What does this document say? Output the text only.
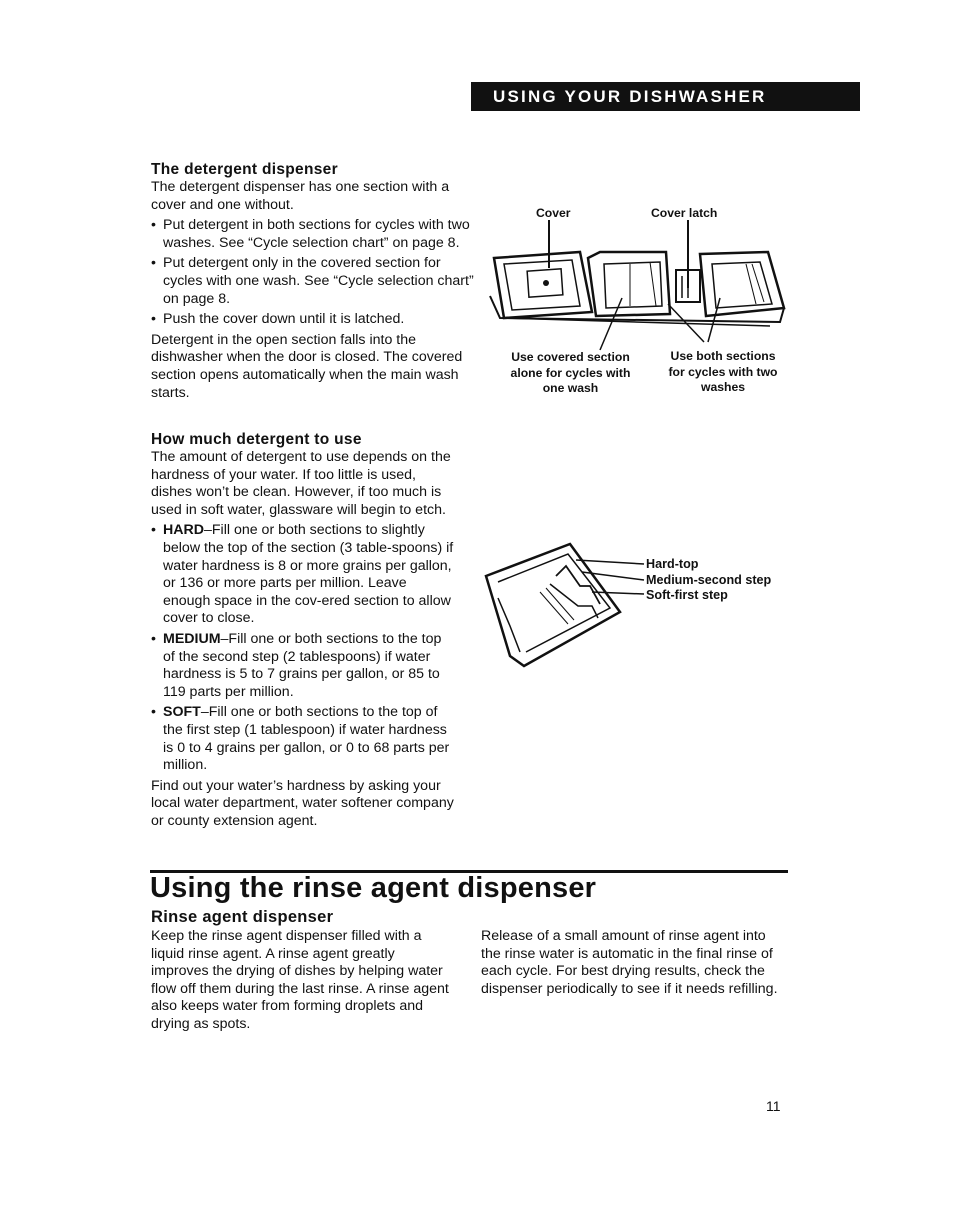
USING YOUR DISHWASHER
The detergent dispenser
The detergent dispenser has one section with a cover and one without.
• Put detergent in both sections for cycles with two washes. See “Cycle selection chart” on page 8.
• Put detergent only in the covered section for cycles with one wash. See “Cycle selection chart” on page 8.
• Push the cover down until it is latched.
Detergent in the open section falls into the dishwasher when the door is closed. The covered section opens automatically when the main wash starts.
How much detergent to use
The amount of detergent to use depends on the hardness of your water. If too little is used, dishes won’t be clean. However, if too much is used in soft water, glassware will begin to etch.
• HARD–Fill one or both sections to slightly below the top of the section (3 table-spoons) if water hardness is 8 or more grains per gallon, or 136 or more parts per million. Leave enough space in the cov-ered section to allow cover to close.
• MEDIUM–Fill one or both sections to the top of the second step (2 tablespoons) if water hardness is 5 to 7 grains per gallon, or 85 to 119 parts per million.
• SOFT–Fill one or both sections to the top of the first step (1 tablespoon) if water hardness is 0 to 4 grains per gallon, or 0 to 68 parts per million.
Find out your water’s hardness by asking your local water department, water softener company or county extension agent.
Cover	Cover latch
Use covered section alone for cycles with one wash
Use both sections for cycles with two washes
Hard-top
Medium-second step
Soft-first step
Using the rinse agent dispenser
Rinse agent dispenser
Keep the rinse agent dispenser filled with a liquid rinse agent. A rinse agent greatly improves the drying of dishes by helping water flow off them during the last rinse. A rinse agent also keeps water from forming droplets and drying as spots.
Release of a small amount of rinse agent into the rinse water is automatic in the final rinse of each cycle. For best drying results, check the dispenser periodically to see if it needs refilling.
11
